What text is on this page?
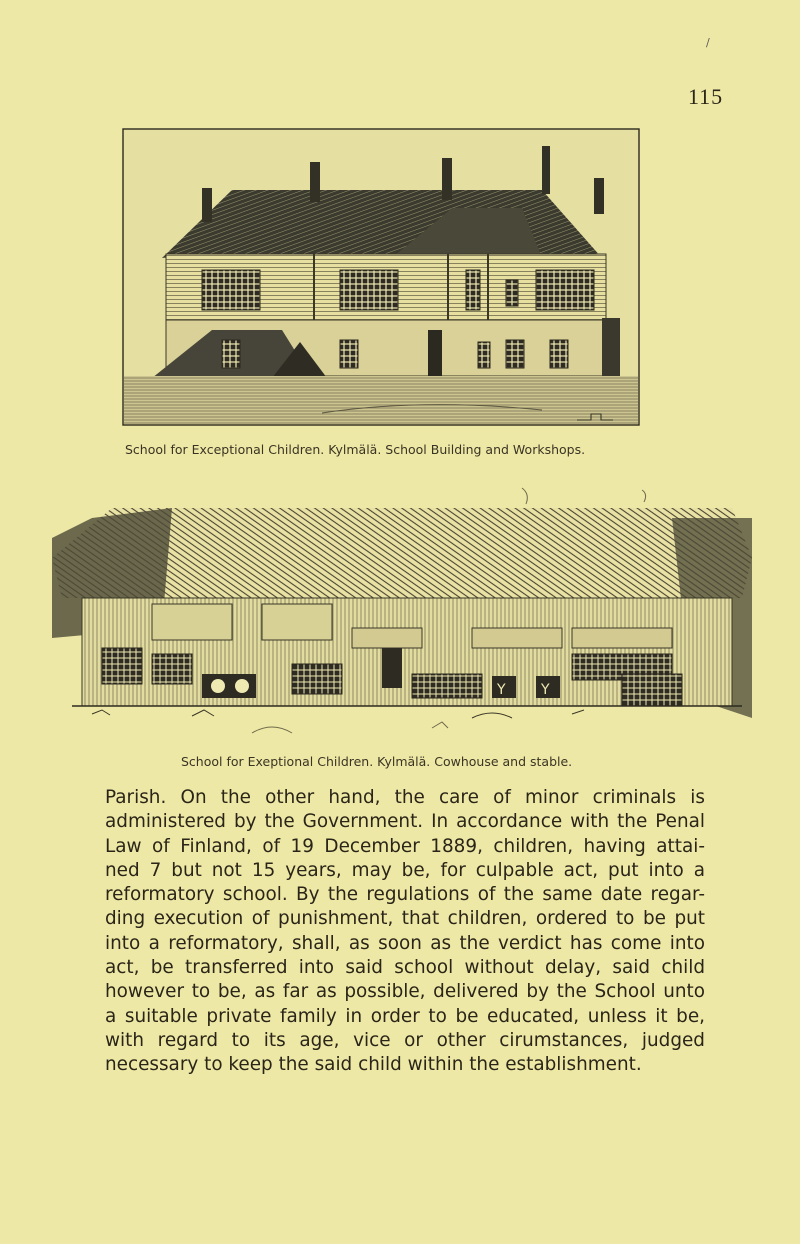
/
115
School for Exceptional Children. Kylmälä. School Building and Workshops.
Y	Y
School for Exeptional Children. Kylmälä. Cowhouse and stable.
Parish. On the other hand, the care of minor criminals is
administered by the Government. In accordance with the Penal
Law of Finland, of 19 December 1889, children, having attai-
ned 7 but not 15 years, may be, for culpable act, put into a
reformatory school. By the regulations of the same date regar-
ding execution of punishment, that children, ordered to be put
into a reformatory, shall, as soon as the verdict has come into
act, be transferred into said school without delay, said child
however to be, as far as possible, delivered by the School unto
a suitable private family in order to be educated, unless it be,
with regard to its age, vice or other cirumstances, judged
necessary to keep the said child within the establishment.
